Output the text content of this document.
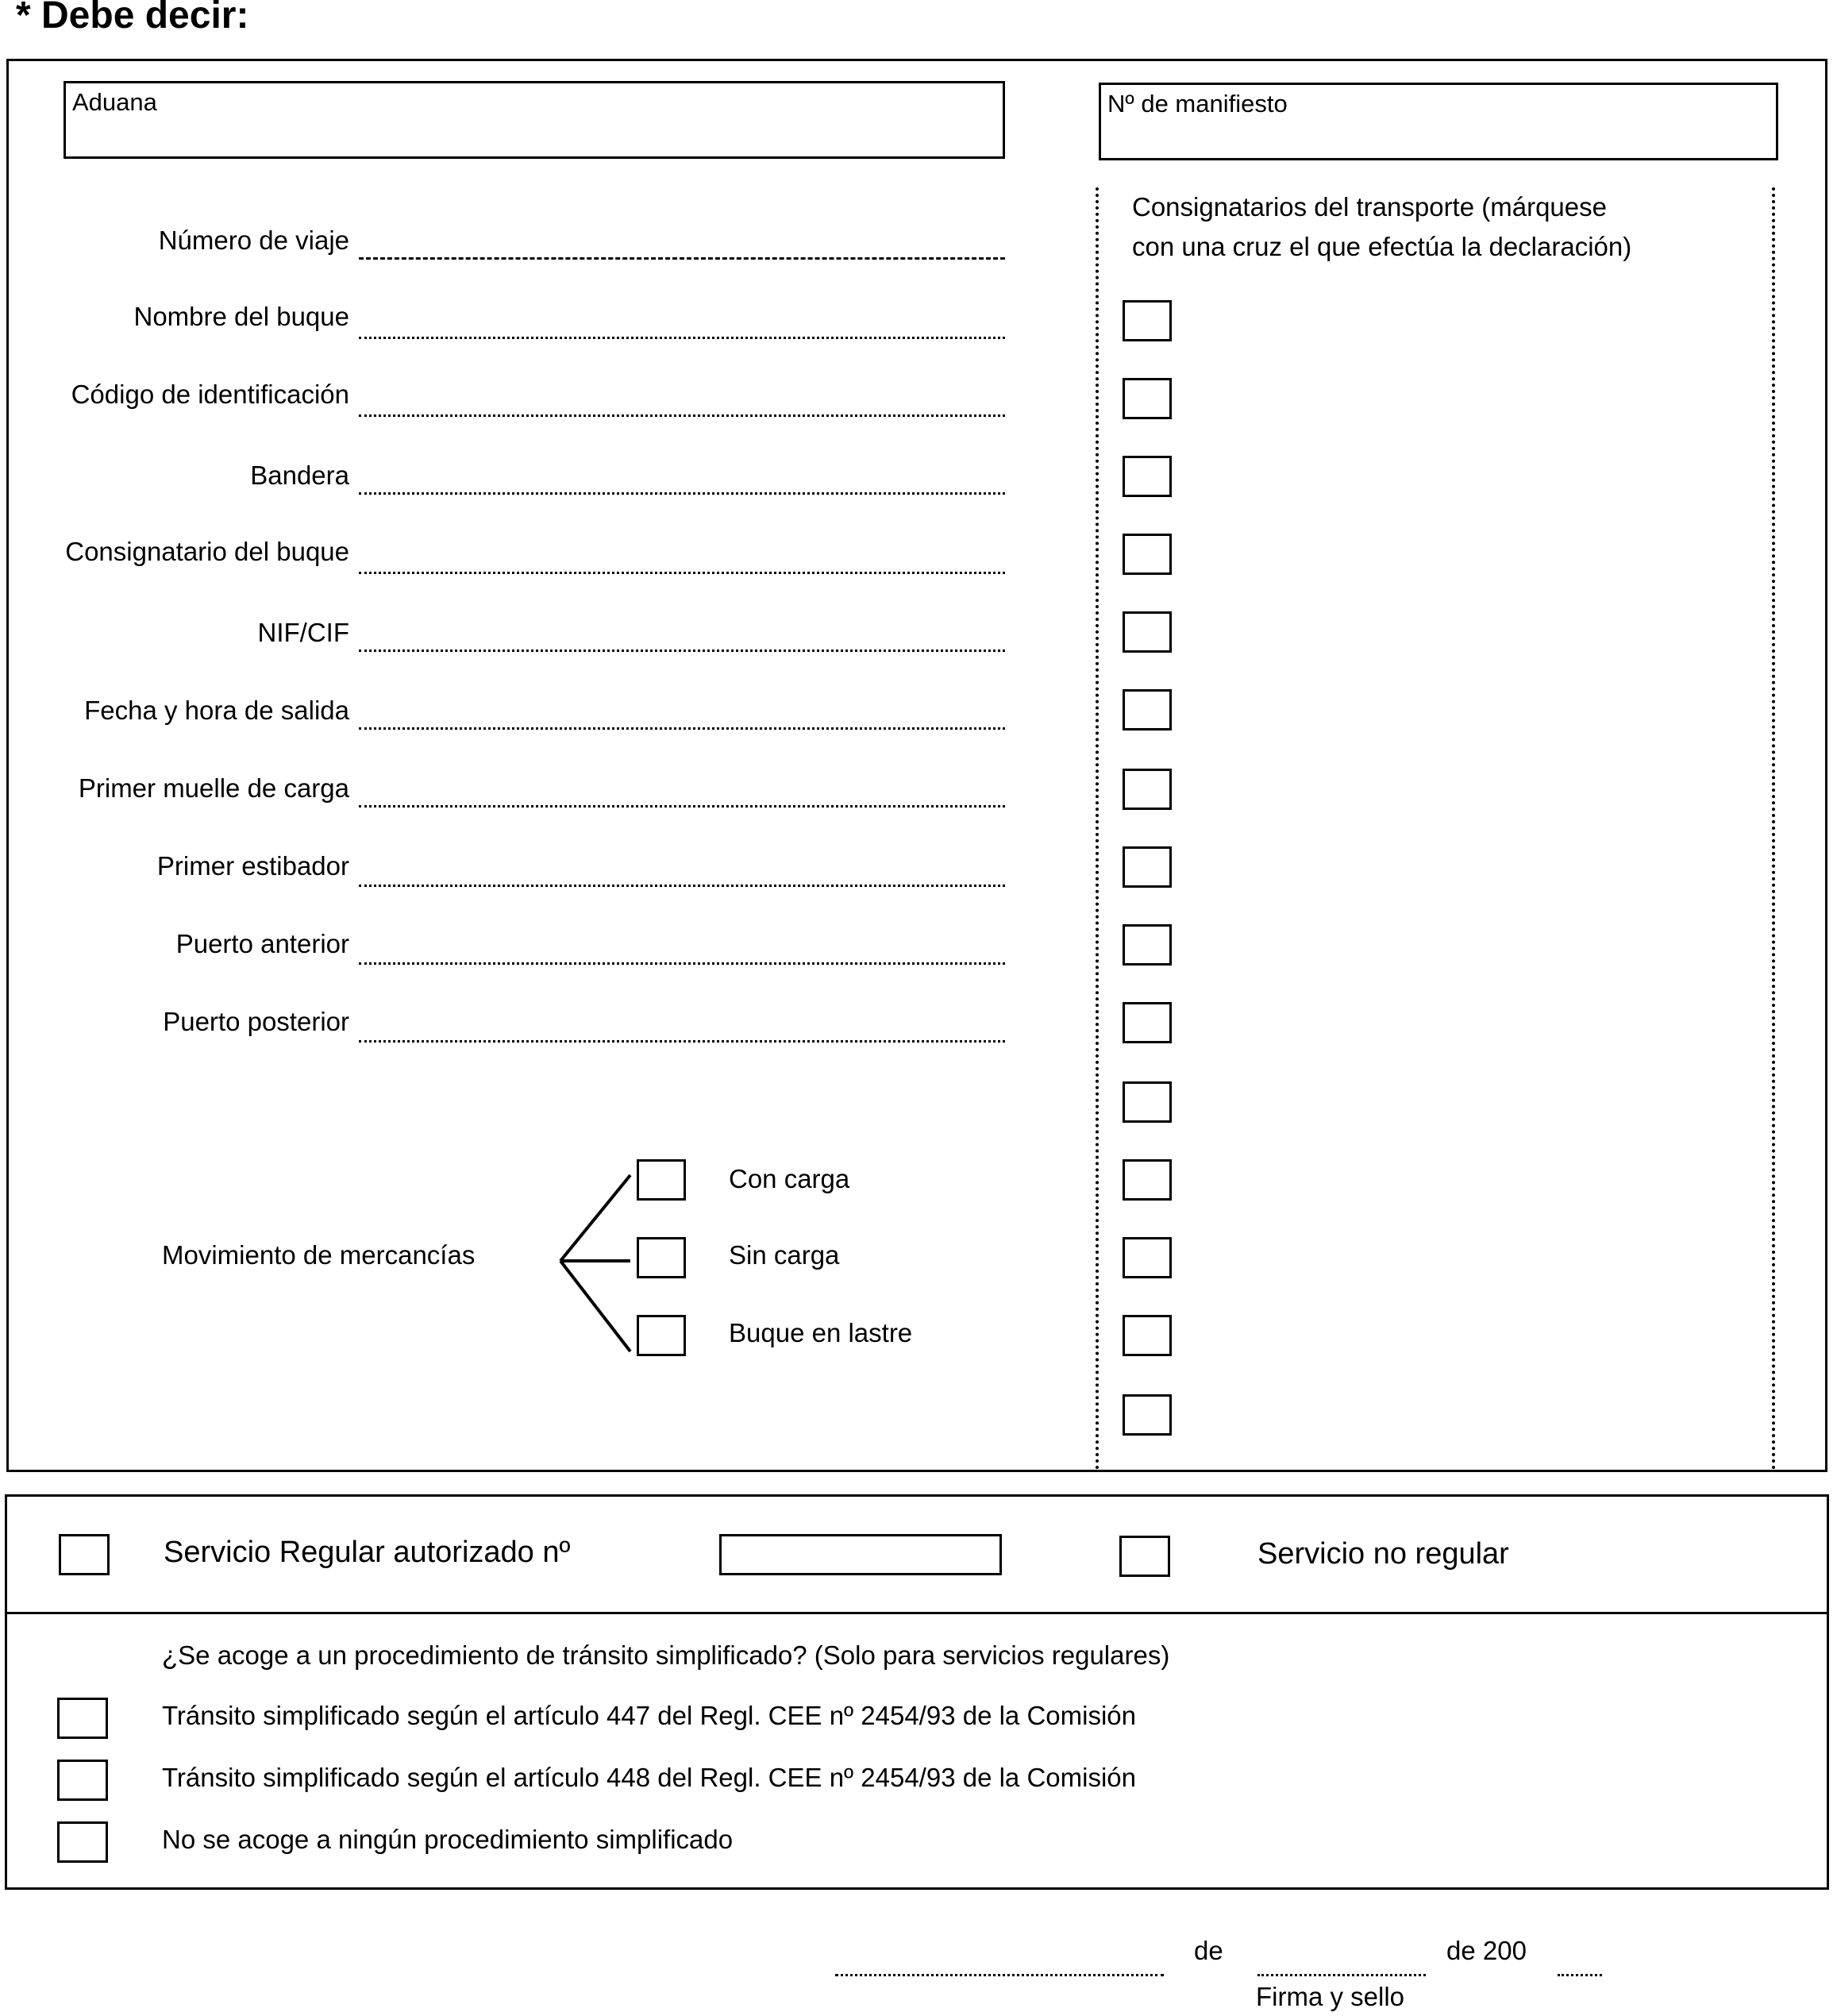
* Debe decir:
Aduana	Nº de manifiesto
Consignatarios del transporte (márquese
con una cruz el que efectúa la declaración)
Número de viaje
Nombre del buque
Código de identificación
Bandera
Consignatario del buque
NIF/CIF
Fecha y hora de salida
Primer muelle de carga
Primer estibador
Puerto anterior
Puerto posterior
Movimiento de mercancías
Con carga
Sin carga
Buque en lastre
Servicio Regular autorizado nº	Servicio no regular
¿Se acoge a un procedimiento de tránsito simplificado? (Solo para servicios regulares)
Tránsito simplificado según el artículo 447 del Regl. CEE nº 2454/93 de la Comisión
Tránsito simplificado según el artículo 448 del Regl. CEE nº 2454/93 de la Comisión
No se acoge a ningún procedimiento simplificado
de	de 200
Firma y sello
